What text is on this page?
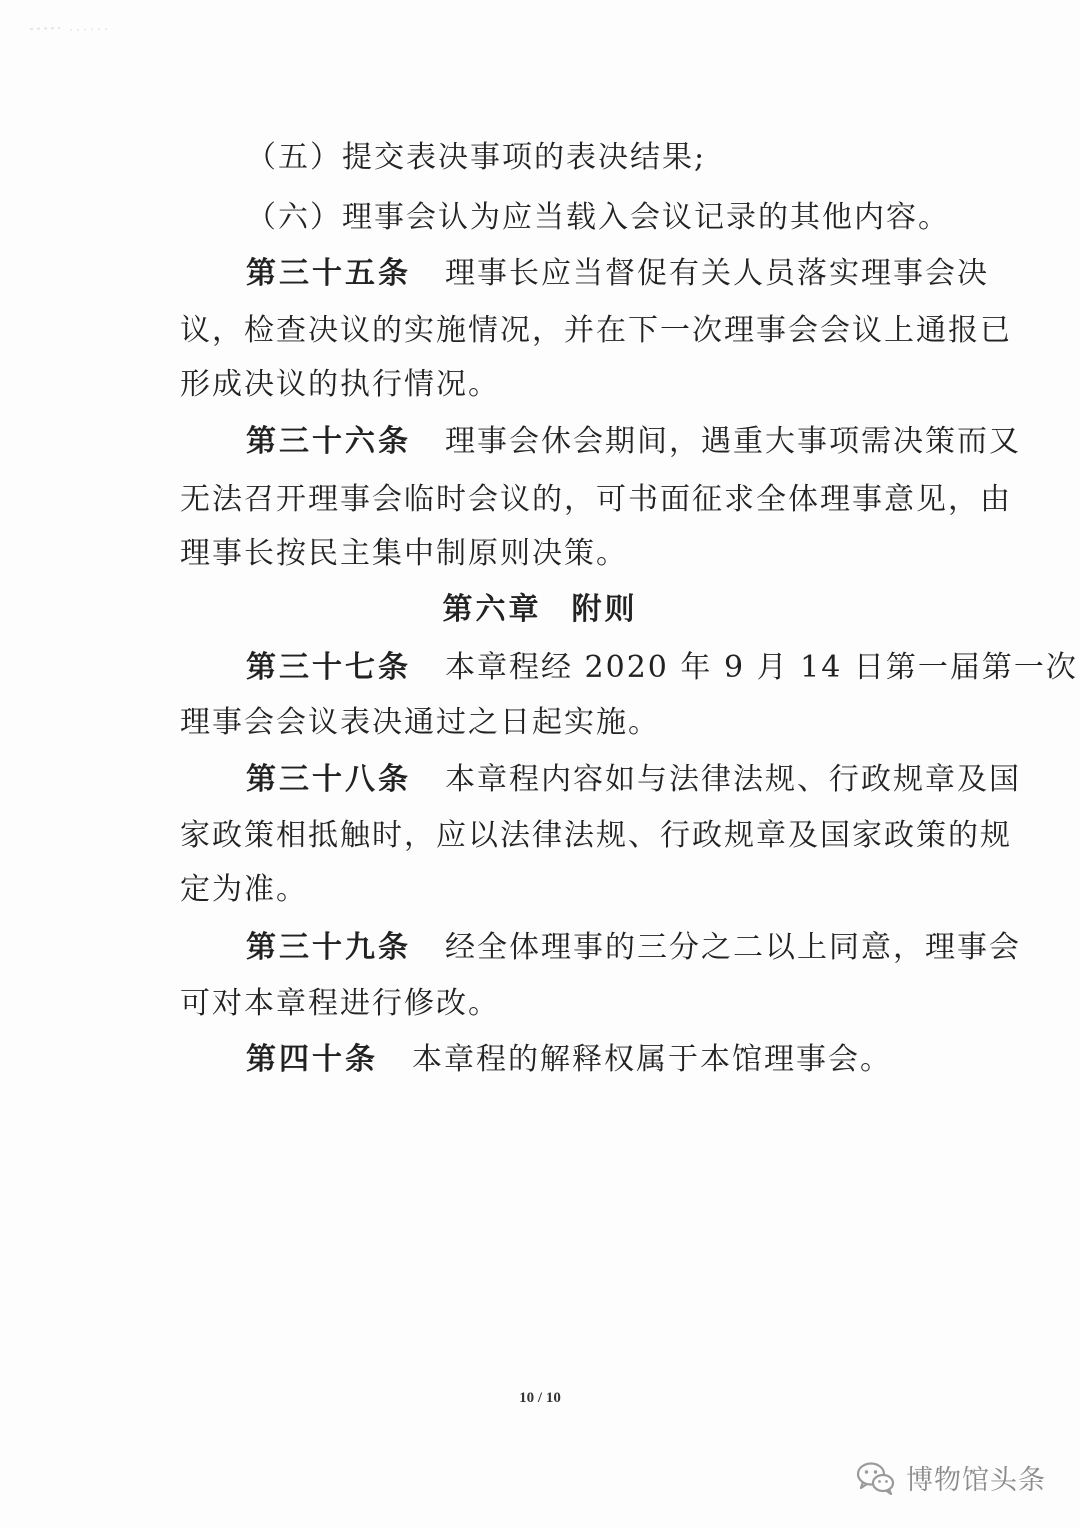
（五）提交表决事项的表决结果;
（六）理事会认为应当载入会议记录的其他内容。
第三十五条 理事长应当督促有关人员落实理事会决
议，检查决议的实施情况，并在下一次理事会会议上通报已
形成决议的执行情况。
第三十六条 理事会休会期间，遇重大事项需决策而又
无法召开理事会临时会议的，可书面征求全体理事意见，由
理事长按民主集中制原则决策。
第六章 附则
第三十七条 本章程经 2020 年 9 月 14 日第一届第一次
理事会会议表决通过之日起实施。
第三十八条 本章程内容如与法律法规、行政规章及国
家政策相抵触时，应以法律法规、行政规章及国家政策的规
定为准。
第三十九条 经全体理事的三分之二以上同意，理事会
可对本章程进行修改。
第四十条 本章程的解释权属于本馆理事会。
10 / 10
博物馆头条
